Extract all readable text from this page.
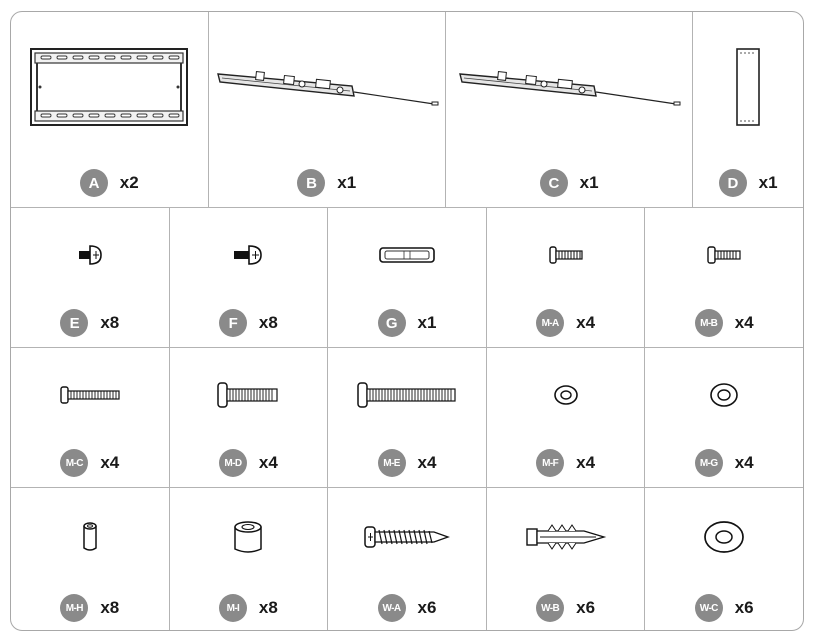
A	x2	B	x1	C	x1	D	x1
E	x8	F	x8	G	x1	M-A	x4	M-B	x4
M-C	x4	M-D	x4	M-E	x4	M-F	x4	M-G	x4
M-H	x8	M-I	x8	W-A x6	W-B x6	W-C x6
